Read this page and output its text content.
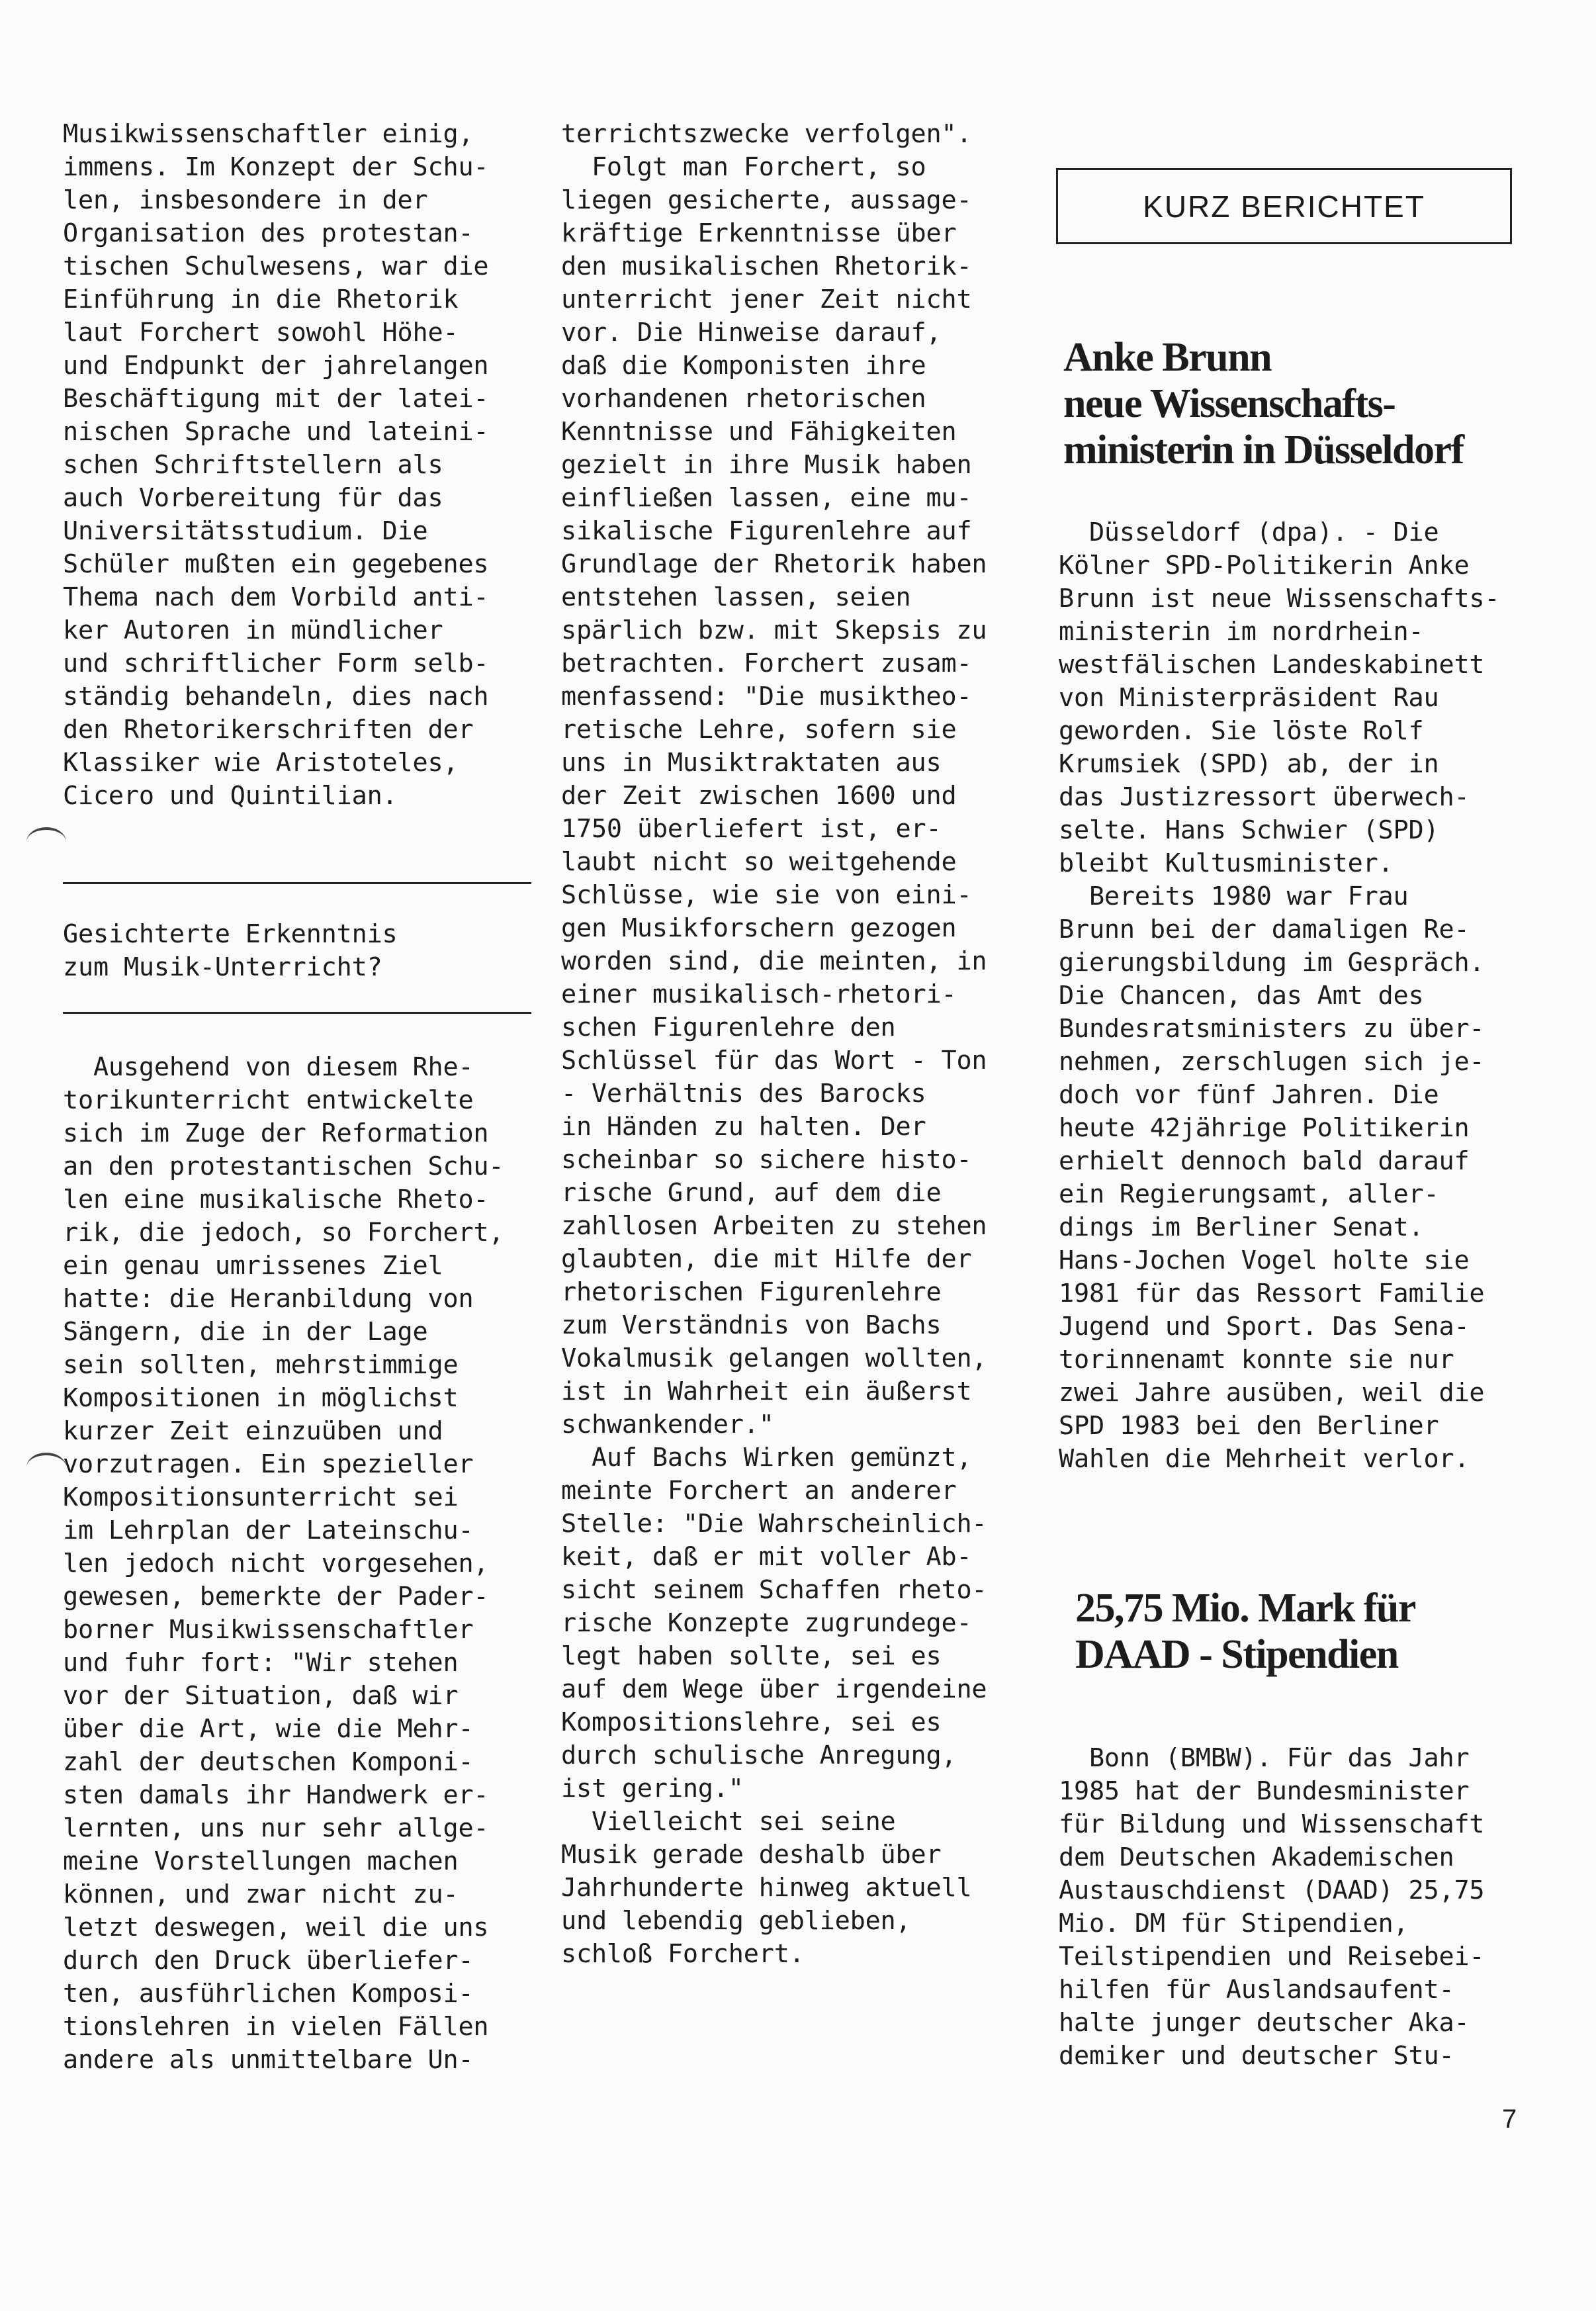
Musikwissenschaftler einig,
immens. Im Konzept der Schu-
len, insbesondere in der
Organisation des protestan-
tischen Schulwesens, war die
Einführung in die Rhetorik
laut Forchert sowohl Höhe-
und Endpunkt der jahrelangen
Beschäftigung mit der latei-
nischen Sprache und lateini-
schen Schriftstellern als
auch Vorbereitung für das
Universitätsstudium. Die
Schüler mußten ein gegebenes
Thema nach dem Vorbild anti-
ker Autoren in mündlicher
und schriftlicher Form selb-
ständig behandeln, dies nach
den Rhetorikerschriften der
Klassiker wie Aristoteles,
Cicero und Quintilian.
Gesichterte Erkenntnis
zum Musik-Unterricht?
Ausgehend von diesem Rhe-
torikunterricht entwickelte
sich im Zuge der Reformation
an den protestantischen Schu-
len eine musikalische Rheto-
rik, die jedoch, so Forchert,
ein genau umrissenes Ziel
hatte: die Heranbildung von
Sängern, die in der Lage
sein sollten, mehrstimmige
Kompositionen in möglichst
kurzer Zeit einzuüben und
vorzutragen. Ein spezieller
Kompositionsunterricht sei
im Lehrplan der Lateinschu-
len jedoch nicht vorgesehen,
gewesen, bemerkte der Pader-
borner Musikwissenschaftler
und fuhr fort: "Wir stehen
vor der Situation, daß wir
über die Art, wie die Mehr-
zahl der deutschen Komponi-
sten damals ihr Handwerk er-
lernten, uns nur sehr allge-
meine Vorstellungen machen
können, und zwar nicht zu-
letzt deswegen, weil die uns
durch den Druck überliefer-
ten, ausführlichen Komposi-
tionslehren in vielen Fällen
andere als unmittelbare Un-
terrichtszwecke verfolgen".
Folgt man Forchert, so
liegen gesicherte, aussage-
kräftige Erkenntnisse über
den musikalischen Rhetorik-
unterricht jener Zeit nicht
vor. Die Hinweise darauf,
daß die Komponisten ihre
vorhandenen rhetorischen
Kenntnisse und Fähigkeiten
gezielt in ihre Musik haben
einfließen lassen, eine mu-
sikalische Figurenlehre auf
Grundlage der Rhetorik haben
entstehen lassen, seien
spärlich bzw. mit Skepsis zu
betrachten. Forchert zusam-
menfassend: "Die musiktheo-
retische Lehre, sofern sie
uns in Musiktraktaten aus
der Zeit zwischen 1600 und
1750 überliefert ist, er-
laubt nicht so weitgehende
Schlüsse, wie sie von eini-
gen Musikforschern gezogen
worden sind, die meinten, in
einer musikalisch-rhetori-
schen Figurenlehre den
Schlüssel für das Wort - Ton
- Verhältnis des Barocks
in Händen zu halten. Der
scheinbar so sichere histo-
rische Grund, auf dem die
zahllosen Arbeiten zu stehen
glaubten, die mit Hilfe der
rhetorischen Figurenlehre
zum Verständnis von Bachs
Vokalmusik gelangen wollten,
ist in Wahrheit ein äußerst
schwankender."
Auf Bachs Wirken gemünzt,
meinte Forchert an anderer
Stelle: "Die Wahrscheinlich-
keit, daß er mit voller Ab-
sicht seinem Schaffen rheto-
rische Konzepte zugrundege-
legt haben sollte, sei es
auf dem Wege über irgendeine
Kompositionslehre, sei es
durch schulische Anregung,
ist gering."
Vielleicht sei seine
Musik gerade deshalb über
Jahrhunderte hinweg aktuell
und lebendig geblieben,
schloß Forchert.
KURZ BERICHTET
Anke Brunn
neue Wissenschafts-
ministerin in Düsseldorf
Düsseldorf (dpa). - Die
Kölner SPD-Politikerin Anke
Brunn ist neue Wissenschafts-
ministerin im nordrhein-
westfälischen Landeskabinett
von Ministerpräsident Rau
geworden. Sie löste Rolf
Krumsiek (SPD) ab, der in
das Justizressort überwech-
selte. Hans Schwier (SPD)
bleibt Kultusminister.
Bereits 1980 war Frau
Brunn bei der damaligen Re-
gierungsbildung im Gespräch.
Die Chancen, das Amt des
Bundesratsministers zu über-
nehmen, zerschlugen sich je-
doch vor fünf Jahren. Die
heute 42jährige Politikerin
erhielt dennoch bald darauf
ein Regierungsamt, aller-
dings im Berliner Senat.
Hans-Jochen Vogel holte sie
1981 für das Ressort Familie
Jugend und Sport. Das Sena-
torinnenamt konnte sie nur
zwei Jahre ausüben, weil die
SPD 1983 bei den Berliner
Wahlen die Mehrheit verlor.
25,75 Mio. Mark für
DAAD - Stipendien
Bonn (BMBW). Für das Jahr
1985 hat der Bundesminister
für Bildung und Wissenschaft
dem Deutschen Akademischen
Austauschdienst (DAAD) 25,75
Mio. DM für Stipendien,
Teilstipendien und Reisebei-
hilfen für Auslandsaufent-
halte junger deutscher Aka-
demiker und deutscher Stu-
7
